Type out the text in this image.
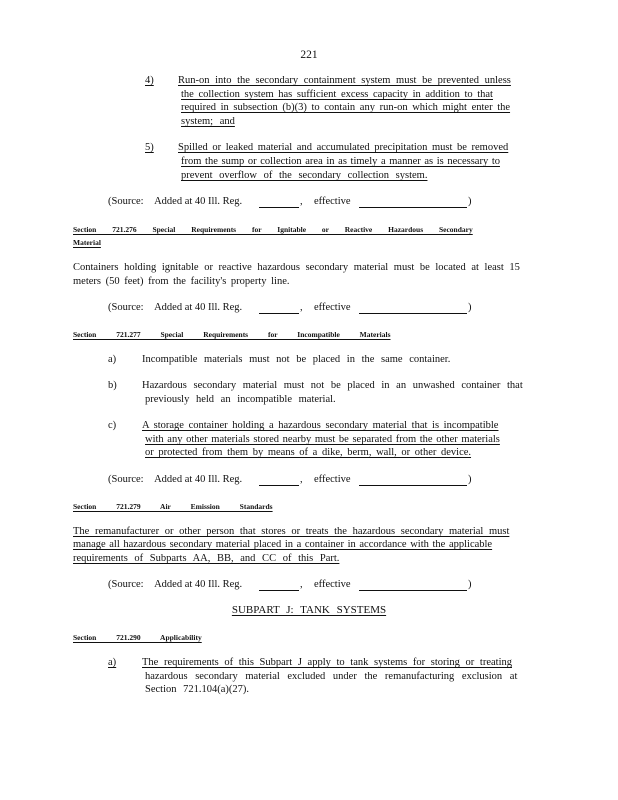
221
4) Run-on into the secondary containment system must be prevented unless
the collection system has sufficient excess capacity in addition to that
required in subsection (b)(3) to contain any run-on which might enter the
system; and
5) Spilled or leaked material and accumulated precipitation must be removed
from the sump or collection area in as timely a manner as is necessary to
prevent overflow of the secondary collection system.
(Source: Added at 40 Ill. Reg.	, effective	)
Section 721.276 Special Requirements for Ignitable or Reactive Hazardous Secondary
Material
Containers holding ignitable or reactive hazardous secondary material must be located at least 15
meters (50 feet) from the facility's property line.
(Source: Added at 40 Ill. Reg.	, effective	)
Section 721.277 Special Requirements for Incompatible Materials
a) Incompatible materials must not be placed in the same container.
b) Hazardous secondary material must not be placed in an unwashed container that
previously held an incompatible material.
c) A storage container holding a hazardous secondary material that is incompatible
with any other materials stored nearby must be separated from the other materials
or protected from them by means of a dike, berm, wall, or other device.
(Source: Added at 40 Ill. Reg.	, effective	)
Section 721.279 Air Emission Standards
The remanufacturer or other person that stores or treats the hazardous secondary material must
manage all hazardous secondary material placed in a container in accordance with the applicable
requirements of Subparts AA, BB, and CC of this Part.
(Source: Added at 40 Ill. Reg.	, effective	)
SUBPART J: TANK SYSTEMS
Section 721.290 Applicability
a) The requirements of this Subpart J apply to tank systems for storing or treating
hazardous secondary material excluded under the remanufacturing exclusion at
Section 721.104(a)(27).
